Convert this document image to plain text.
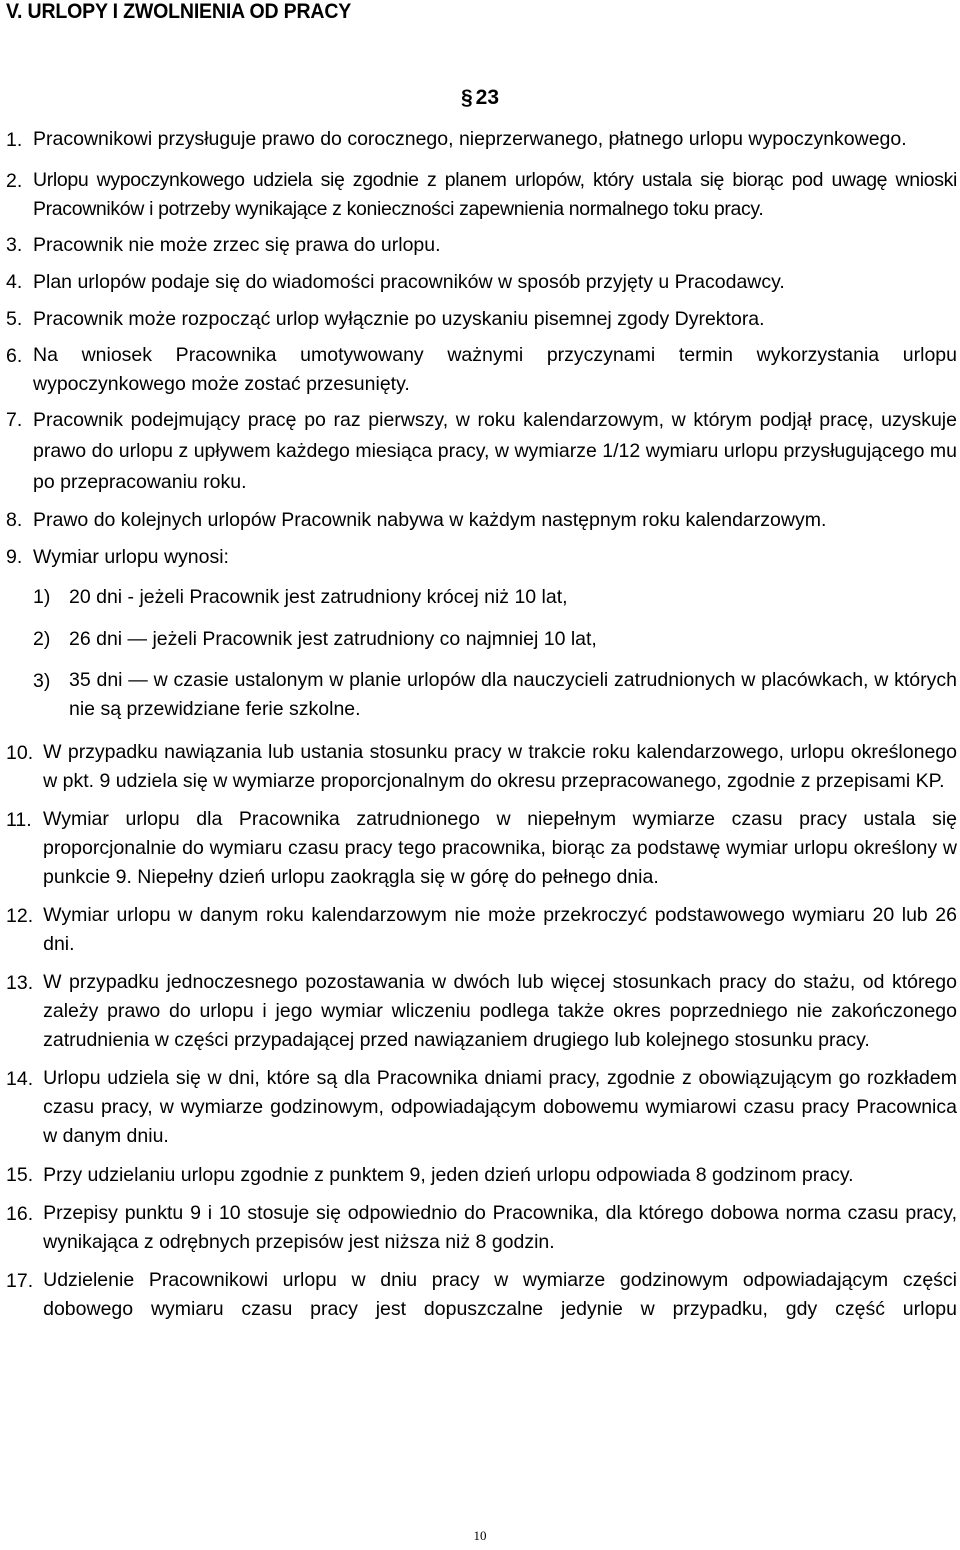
V. URLOPY I ZWOLNIENIA OD PRACY
§ 23
1. Pracownikowi przysługuje prawo do corocznego, nieprzerwanego, płatnego urlopu wypoczynkowego.
2. Urlopu wypoczynkowego udziela się zgodnie z planem urlopów, który ustala się biorąc pod uwagę wnioski Pracowników i potrzeby wynikające z konieczności zapewnienia normalnego toku pracy.
3. Pracownik nie może zrzec się prawa do urlopu.
4. Plan urlopów podaje się do wiadomości pracowników w sposób przyjęty u Pracodawcy.
5. Pracownik może rozpocząć urlop wyłącznie po uzyskaniu pisemnej zgody Dyrektora.
6. Na wniosek Pracownika umotywowany ważnymi przyczynami termin wykorzystania urlopu wypoczynkowego może zostać przesunięty.
7. Pracownik podejmujący pracę po raz pierwszy, w roku kalendarzowym, w którym podjął pracę, uzyskuje prawo do urlopu z upływem każdego miesiąca pracy, w wymiarze 1/12 wymiaru urlopu przysługującego mu po przepracowaniu roku.
8. Prawo do kolejnych urlopów Pracownik nabywa w każdym następnym roku kalendarzowym.
9. Wymiar urlopu wynosi:
1) 20 dni - jeżeli Pracownik jest zatrudniony krócej niż 10 lat,
2) 26 dni — jeżeli Pracownik jest zatrudniony co najmniej 10 lat,
3) 35 dni — w czasie ustalonym w planie urlopów dla nauczycieli zatrudnionych w placówkach, w których nie są przewidziane ferie szkolne.
10. W przypadku nawiązania lub ustania stosunku pracy w trakcie roku kalendarzowego, urlopu określonego w pkt. 9 udziela się w wymiarze proporcjonalnym do okresu przepracowanego, zgodnie z przepisami KP.
11. Wymiar urlopu dla Pracownika zatrudnionego w niepełnym wymiarze czasu pracy ustala się proporcjonalnie do wymiaru czasu pracy tego pracownika, biorąc za podstawę wymiar urlopu określony w punkcie 9. Niepełny dzień urlopu zaokrągla się w górę do pełnego dnia.
12. Wymiar urlopu w danym roku kalendarzowym nie może przekroczyć podstawowego wymiaru 20 lub 26 dni.
13. W przypadku jednoczesnego pozostawania w dwóch lub więcej stosunkach pracy do stażu, od którego zależy prawo do urlopu i jego wymiar wliczeniu podlega także okres poprzedniego nie zakończonego zatrudnienia w części przypadającej przed nawiązaniem drugiego lub kolejnego stosunku pracy.
14. Urlopu udziela się w dni, które są dla Pracownika dniami pracy, zgodnie z obowiązującym go rozkładem czasu pracy, w wymiarze godzinowym, odpowiadającym dobowemu wymiarowi czasu pracy Pracownica w danym dniu.
15. Przy udzielaniu urlopu zgodnie z punktem 9, jeden dzień urlopu odpowiada 8 godzinom pracy.
16. Przepisy punktu 9 i 10 stosuje się odpowiednio do Pracownika, dla którego dobowa norma czasu pracy, wynikająca z odrębnych przepisów jest niższa niż 8 godzin.
17. Udzielenie Pracownikowi urlopu w dniu pracy w wymiarze godzinowym odpowiadającym części dobowego wymiaru czasu pracy jest dopuszczalne jedynie w przypadku, gdy część urlopu
10
